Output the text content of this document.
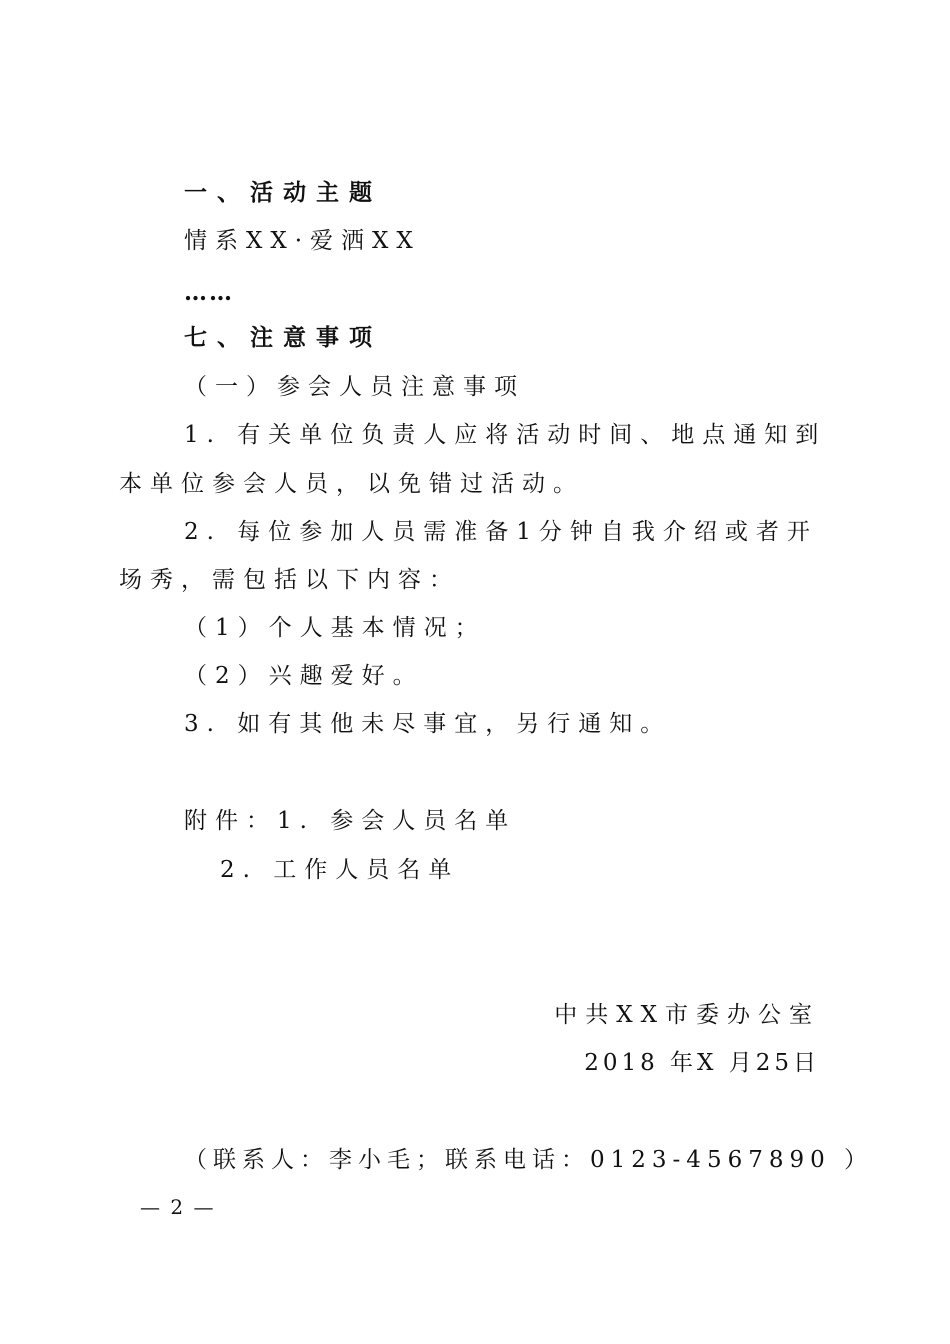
一、活动主题
情系XX·爱洒XX
……
七、注意事项
（一）参会人员注意事项
1. 有关单位负责人应将活动时间、地点通知到
本单位参会人员，以免错过活动。
2. 每位参加人员需准备1分钟自我介绍或者开
场秀，需包括以下内容：
（1）个人基本情况；
（2）兴趣爱好。
3. 如有其他未尽事宜，另行通知。
附件：1. 参会人员名单
2. 工作人员名单
中共XX市委办公室
2018 年X 月25日
（联系人：李小毛；联系电话：0123-4567890 ）
— 2 —
